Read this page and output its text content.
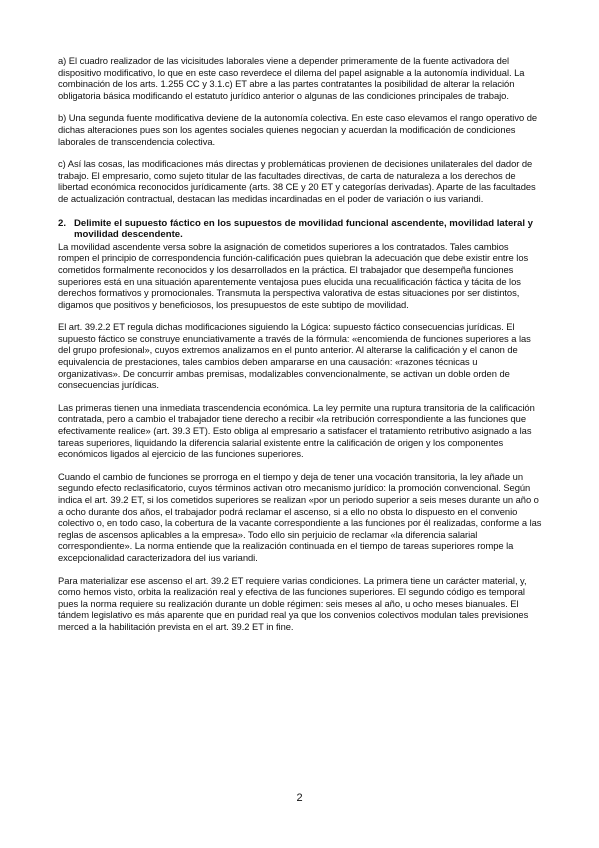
a) El cuadro realizador de las vicisitudes laborales viene a depender primeramente de la fuente activadora del dispositivo modificativo, lo que en este caso reverdece el dilema del papel asignable a la autonomía individual. La combinación de los arts. 1.255 CC y 3.1.c) ET abre a las partes contratantes la posibilidad de alterar la relación obligatoria básica modificando el estatuto jurídico anterior o algunas de las condiciones principales de trabajo.

b) Una segunda fuente modificativa deviene de la autonomía colectiva. En este caso elevamos el rango operativo de dichas alteraciones pues son los agentes sociales quienes negocian y acuerdan la modificación de condiciones laborales de transcendencia colectiva.

c) Así las cosas, las modificaciones más directas y problemáticas provienen de decisiones unilaterales del dador de trabajo. El empresario, como sujeto titular de las facultades directivas, de carta de naturaleza a los derechos de libertad económica reconocidos jurídicamente (arts. 38 CE y 20 ET y categorías derivadas). Aparte de las facultades de actualización contractual, destacan las medidas incardinadas en el poder de variación o ius variandi.

2. Delimite el supuesto fáctico en los supuestos de movilidad funcional ascendente, movilidad lateral y movilidad descendente.

La movilidad ascendente versa sobre la asignación de cometidos superiores a los contratados. Tales cambios rompen el principio de correspondencia función-calificación pues quiebran la adecuación que debe existir entre los cometidos formalmente reconocidos y los desarrollados en la práctica. El trabajador que desempeña funciones superiores está en una situación aparentemente ventajosa pues elucida una recualificación fáctica y tácita de los derechos formativos y promocionales. Transmuta la perspectiva valorativa de estas situaciones por ser distintos, digamos que positivos y beneficiosos, los presupuestos de este subtipo de movilidad.

El art. 39.2.2 ET regula dichas modificaciones siguiendo la Lógica: supuesto fáctico consecuencias jurídicas. El supuesto fáctico se construye enunciativamente a través de la fórmula: «encomienda de funciones superiores a las del grupo profesional», cuyos extremos analizamos en el punto anterior. Al alterarse la calificación y el canon de equivalencia de prestaciones, tales cambios deben ampararse en una causación: «razones técnicas u organizativas». De concurrir ambas premisas, modalizables convencionalmente, se activan un doble orden de consecuencias jurídicas.

Las primeras tienen una inmediata trascendencia económica. La ley permite una ruptura transitoria de la calificación contratada, pero a cambio el trabajador tiene derecho a recibir «la retribución correspondiente a las funciones que efectivamente realice» (art. 39.3 ET). Esto obliga al empresario a satisfacer el tratamiento retributivo asignado a las tareas superiores, liquidando la diferencia salarial existente entre la calificación de origen y los componentes económicos ligados al ejercicio de las funciones superiores.

Cuando el cambio de funciones se prorroga en el tiempo y deja de tener una vocación transitoria, la ley añade un segundo efecto reclasificatorio, cuyos términos activan otro mecanismo jurídico: la promoción convencional. Según indica el art. 39.2 ET, si los cometidos superiores se realizan «por un periodo superior a seis meses durante un año o a ocho durante dos años, el trabajador podrá reclamar el ascenso, si a ello no obsta lo dispuesto en el convenio colectivo o, en todo caso, la cobertura de la vacante correspondiente a las funciones por él realizadas, conforme a las reglas de ascensos aplicables a la empresa». Todo ello sin perjuicio de reclamar «la diferencia salarial correspondiente». La norma entiende que la realización continuada en el tiempo de tareas superiores rompe la excepcionalidad caracterizadora del ius variandi.

Para materializar ese ascenso el art. 39.2 ET requiere varias condiciones. La primera tiene un carácter material, y, como hemos visto, orbita la realización real y efectiva de las funciones superiores. El segundo código es temporal pues la norma requiere su realización durante un doble régimen: seis meses al año, u ocho meses bianuales. El tándem legislativo es más aparente que en puridad real ya que los convenios colectivos modulan tales previsiones merced a la habilitación prevista en el art. 39.2 ET in fine.

2
